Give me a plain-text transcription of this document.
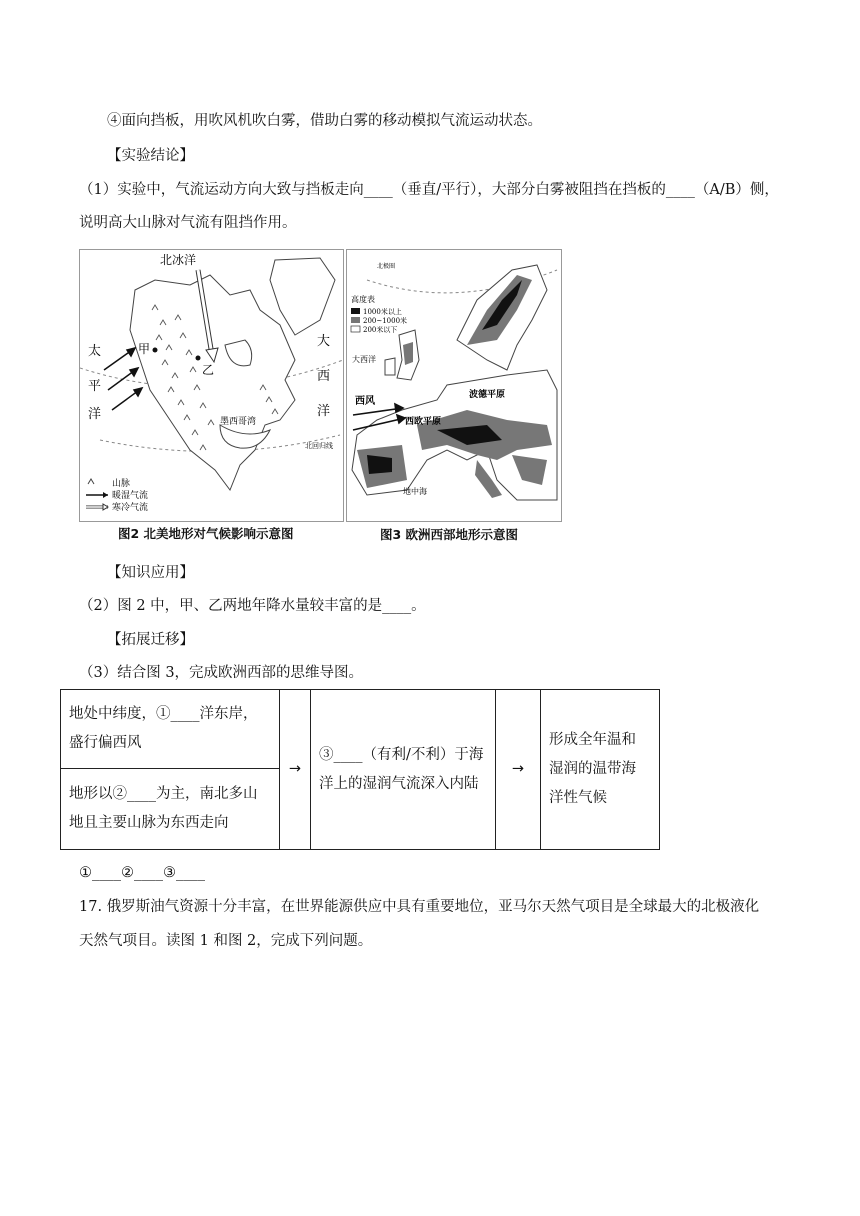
④面向挡板，用吹风机吹白雾，借助白雾的移动模拟气流运动状态。
【实验结论】
（1）实验中，气流运动方向大致与挡板走向____（垂直/平行），大部分白雾被阻挡在挡板的____（A/B）侧，
说明高大山脉对气流有阻挡作用。
北冰洋
太
平
洋
大
西
洋
甲
乙
墨西哥湾
北回归线
山脉
暖湿气流
寒冷气流
图2 北美地形对气候影响示意图
高度表
1000米以上
200~1000米
200米以下
北极圈
大西洋
西风
西欧平原
波德平原
地中海
图3 欧洲西部地形示意图
【知识应用】
（2）图 2 中，甲、乙两地年降水量较丰富的是____。
【拓展迁移】
（3）结合图 3，完成欧洲西部的思维导图。
地处中纬度，①____洋东岸，
盛行偏西风
	→	
③____（有利/不利）于海
洋上的湿润气流深入内陆
	→	
形成全年温和
湿润的温带海
洋性气候

地形以②____为主，南北多山
地且主要山脉为东西走向
①____②____③____
17. 俄罗斯油气资源十分丰富，在世界能源供应中具有重要地位，亚马尔天然气项目是全球最大的北极液化
天然气项目。读图 1 和图 2，完成下列问题。
